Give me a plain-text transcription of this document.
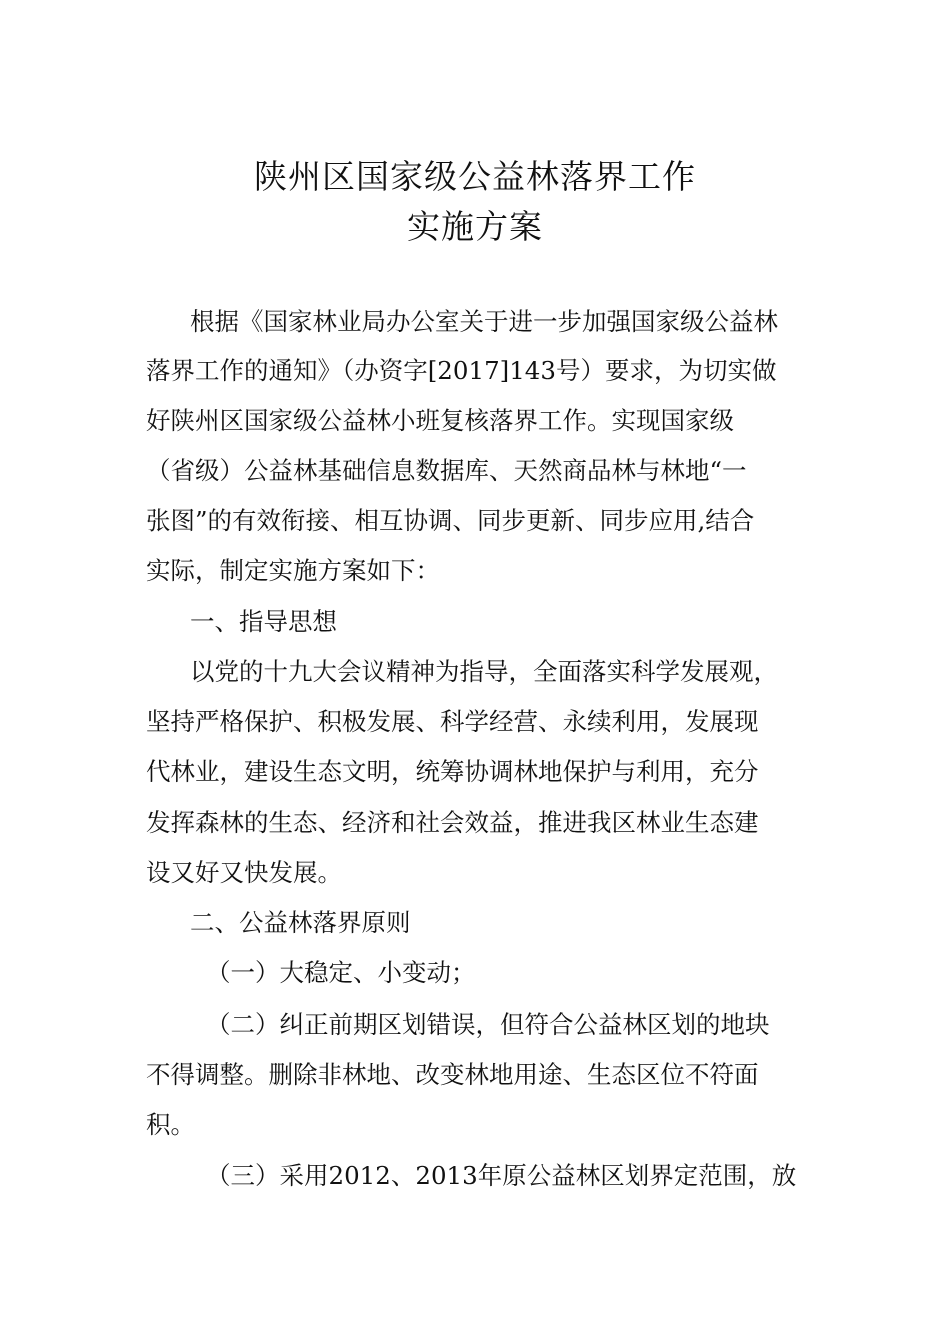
陕州区国家级公益林落界工作
实施方案
根据《国家林业局办公室关于进一步加强国家级公益林
落界工作的通知》（办资字[2017]143号）要求，为切实做
好陕州区国家级公益林小班复核落界工作。实现国家级
（省级）公益林基础信息数据库、天然商品林与林地“一
张图”的有效衔接、相互协调、同步更新、同步应用,结合
实际，制定实施方案如下：
一、指导思想
以党的十九大会议精神为指导，全面落实科学发展观，
坚持严格保护、积极发展、科学经营、永续利用，发展现
代林业，建设生态文明，统筹协调林地保护与利用，充分
发挥森林的生态、经济和社会效益，推进我区林业生态建
设又好又快发展。
二、公益林落界原则
（一）大稳定、小变动；
（二）纠正前期区划错误，但符合公益林区划的地块
不得调整。删除非林地、改变林地用途、生态区位不符面
积。
（三）采用2012、2013年原公益林区划界定范围，放
